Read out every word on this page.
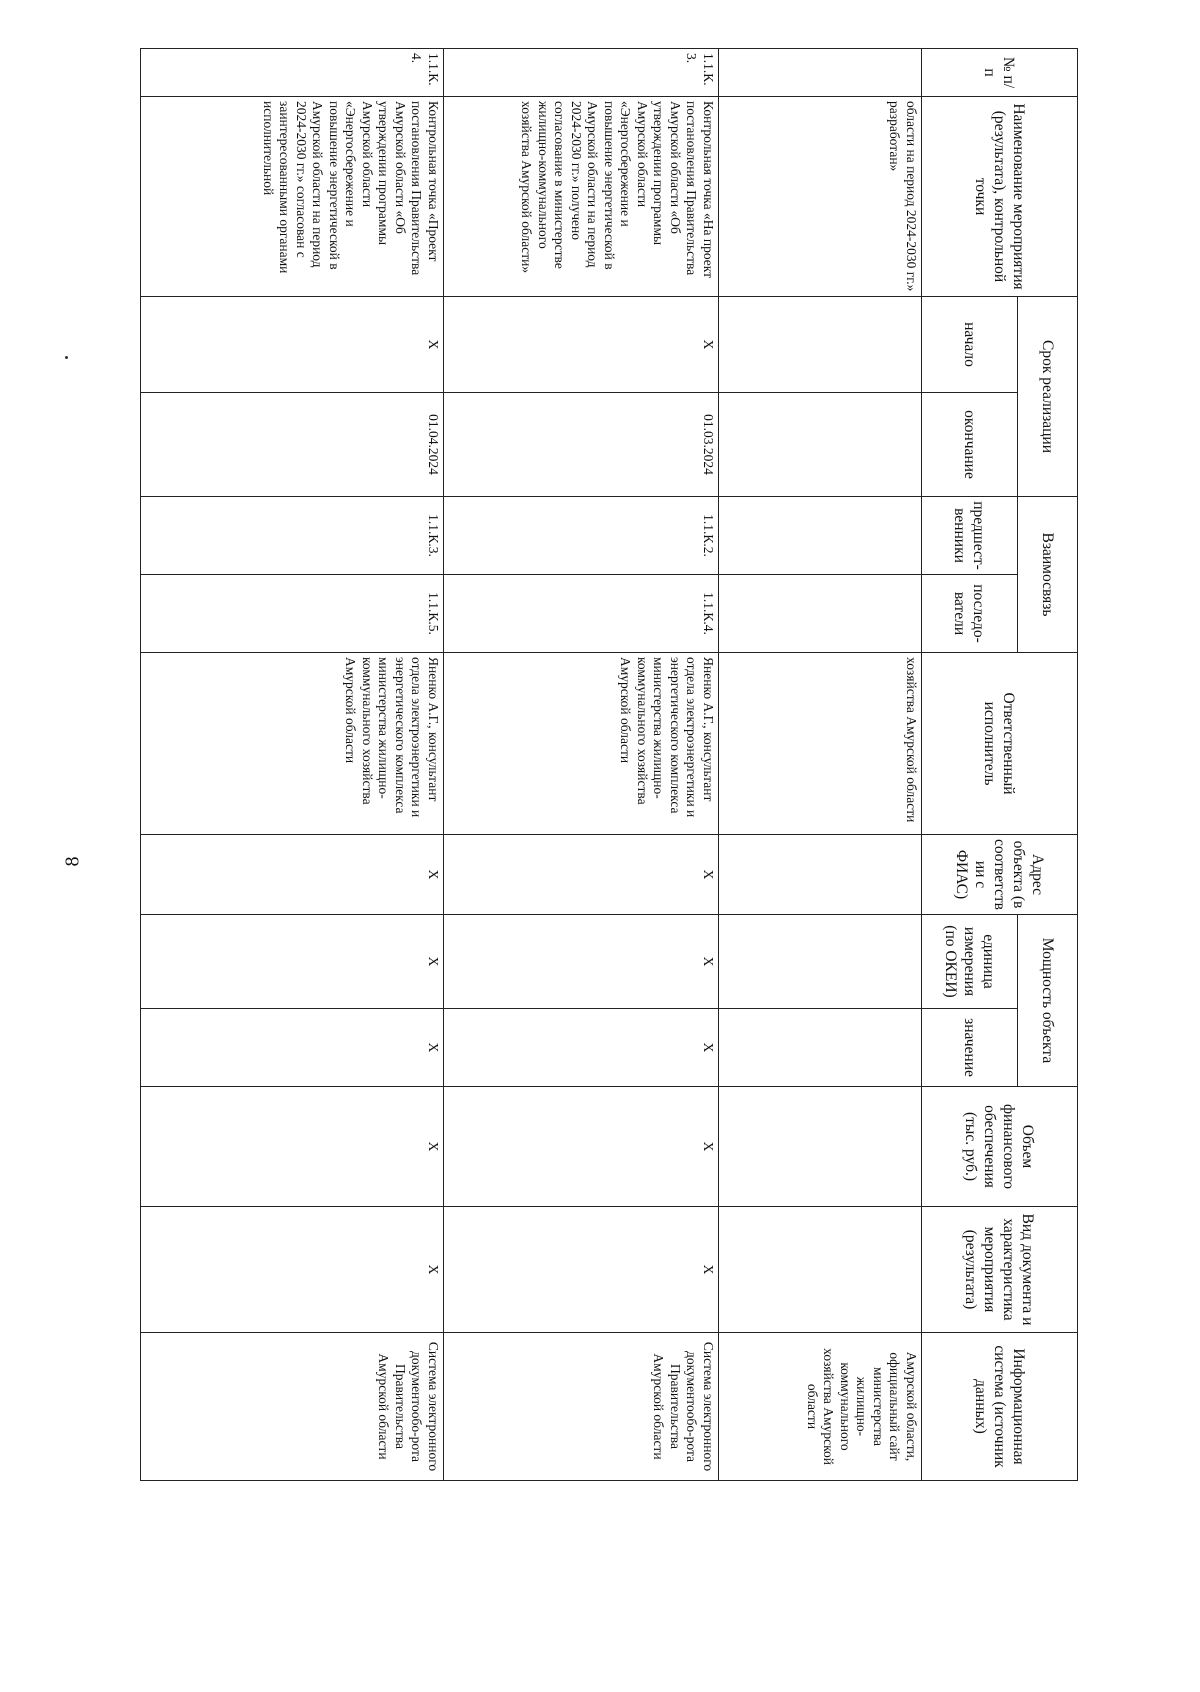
8
№ п/п	Наименование мероприятия (результата), контрольной точки	Срок реализации		Взаимосвязь		Ответственный исполнитель	Адрес объекта (в соответствии с ФИАС)	Мощность объекта		Объем финансового обеспечения (тыс. руб.)	Вид документа и характеристика мероприятия (результата)	Информационная система (источник данных)
		начало	окончание	предшест-венники	последо-ватели			единица измерения (по ОКЕИ)	значение			
	области на период 2024-2030 гг.» разработан»					хозяйства Амурской области						Амурской области, официальный сайт министерства жилищно-коммунального хозяйства Амурской области
1.1.К.3.	Контрольная точка «На проект постановления Правительства Амурской области «Об утверждении программы Амурской области «Энергосбережение и повышение энергетической в Амурской области на период 2024-2030 гг.» получено согласование в министерстве жилищно-коммунального хозяйства Амурской области»	X	01.03.2024	1.1.К.2.	1.1.К.4.	Яненко А.Г., консультант отдела электроэнергетики и энергетического комплекса министерства жилищно-коммунального хозяйства Амурской области	X	X	X	X	X	Система электронного документообо-рота Правительства Амурской области
1.1.К.4.	Контрольная точка «Проект постановления Правительства Амурской области «Об утверждении программы Амурской области «Энергосбережение и повышение энергетической в Амурской области на период 2024-2030 гг.» согласован с заинтересованными органами исполнительной	X	01.04.2024	1.1.К.3.	1.1.К.5.	Яненко А.Г., консультант отдела электроэнергетики и энергетического комплекса министерства жилищно-коммунального хозяйства Амурской области	X	X	X	X	X	Система электронного документообо-рота Правительства Амурской области
